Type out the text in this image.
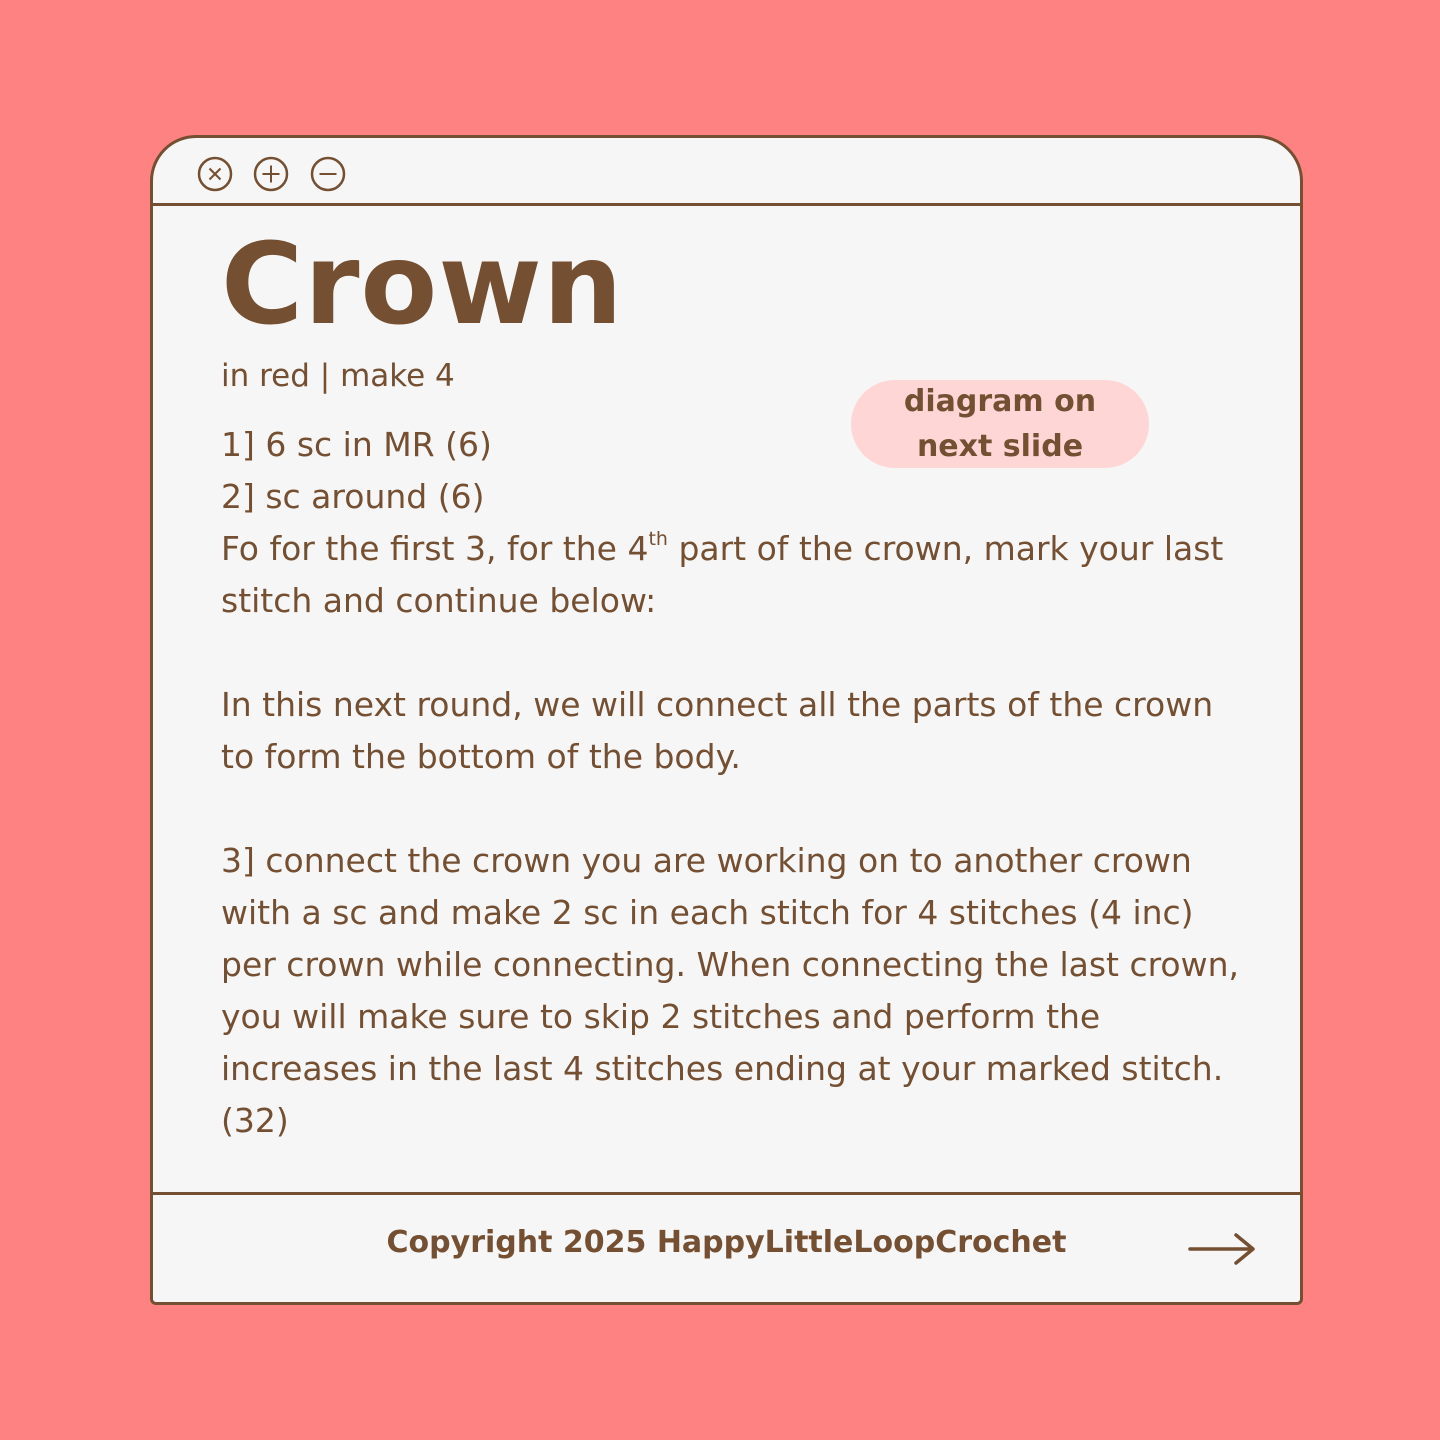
Crown
in red | make 4
diagram on
next slide

1] 6 sc in MR (6)

2] sc around (6)

Fo for the first 3, for the 4th part of the crown, mark your last stitch and continue below:

In this next round, we will connect all the parts of the crown to form the bottom of the body.

3] connect the crown you are working on to another crown with a sc and make 2 sc in each stitch for 4 stitches (4 inc) per crown while connecting. When connecting the last crown, you will make sure to skip 2 stitches and perform the increases in the last 4 stitches ending at your marked stitch. (32)

Copyright 2025 HappyLittleLoopCrochet
